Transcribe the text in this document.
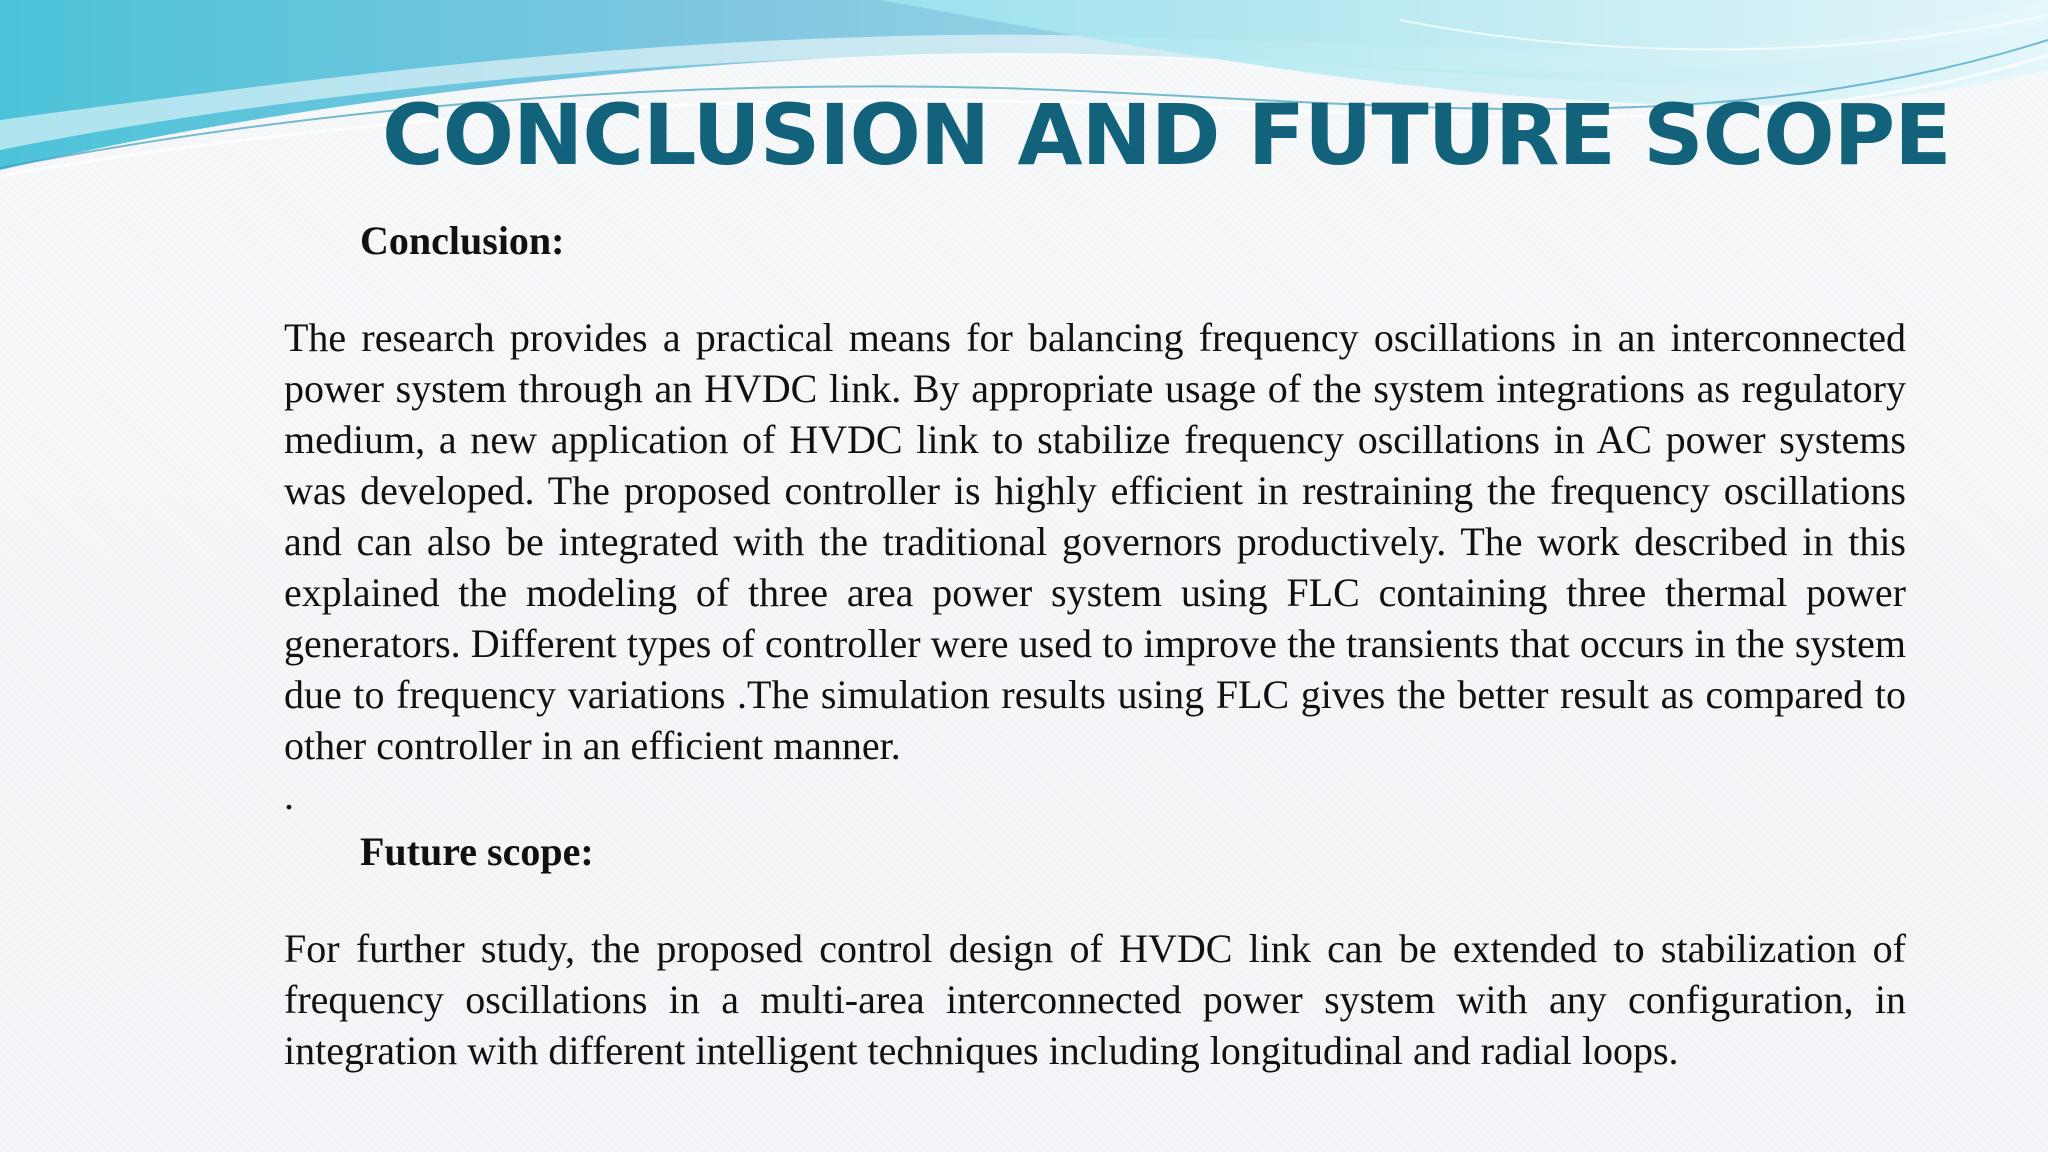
CONCLUSION AND FUTURE SCOPE

Conclusion:

The research provides a practical means for balancing frequency oscillations in an interconnected power system through an HVDC link. By appropriate usage of the system integrations as regulatory medium, a new application of HVDC link to stabilize frequency oscillations in AC power systems was developed. The proposed controller is highly efficient in restraining the frequency oscillations and can also be integrated with the traditional governors productively. The work described in this explained the modeling of three area power system using FLC containing three thermal power generators. Different types of controller were used to improve the transients that occurs in the system due to frequency variations .The simulation results using FLC gives the better result as compared to other controller in an efficient manner.

.

Future scope:

For further study, the proposed control design of HVDC link can be extended to stabilization of frequency oscillations in a multi-area interconnected power system with any configuration, in integration with different intelligent techniques including longitudinal and radial loops.
